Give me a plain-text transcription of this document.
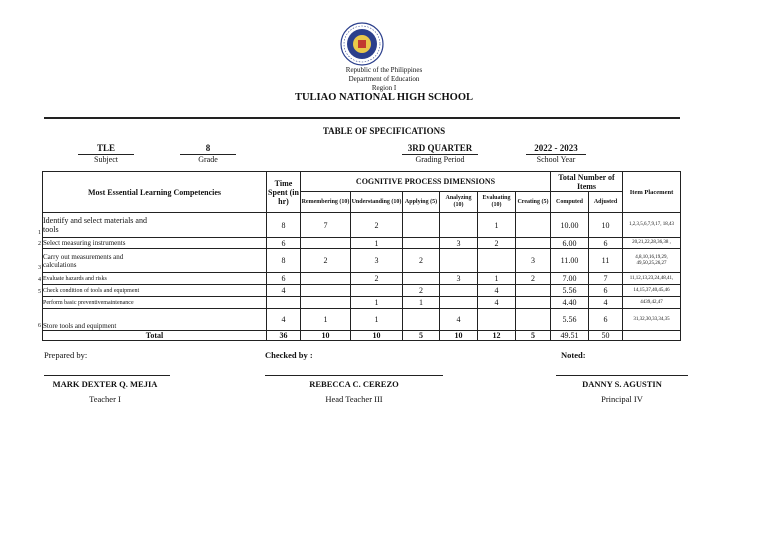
Republic of the Philippines
Department of Education
Region I
TULIAO NATIONAL HIGH SCHOOL
TABLE OF SPECIFICATIONS
TLE
Subject
8
Grade
3RD QUARTER
Grading Period
2022 - 2023
School Year
Most Essential Learning Competencies	Time Spent (in hr)	COGNITIVE PROCESS DIMENSIONS						Total Number of Items		Item Placement
		Remembering (10)	Understanding (10)	Applying (5)	Analyzing (10)	Evaluating (10)	Creating (5)	Computed	Adjusted	

1
Identify and select materials and tools	8	7	2			1		10.00	10	1,2,3,5,6,7,9,17, 18,43

2 Select measuring instruments	6		1		3	2		6.00	6	20,21,22,28,36,38 ,

3
Carry out measurements and calculations	8	2	3	2			3	11.00	11	4,8,10,16,19,29, 49,50,25,26,27

4 Evaluate hazards and risks	6		2		3	1	2	7.00	7	11,12,13,23,24,48,41,

5 Check condition of tools and equipment	4			2		4		5.56	6	14,15,37,40,45,46

Perform basic preventivemaintenance			1	1		4		4.40	4	4439,42,47

6 Store tools and equipment	4	1	1		4			5.56	6	31,32,30,33,34,35
Total	36	10	10	5	10	12	5	49.51	50	
Prepared by:	Checked by :	Noted:
MARK DEXTER Q. MEJIA	REBECCA C. CEREZO	DANNY S. AGUSTIN
Teacher I	Head Teacher III	Principal IV
